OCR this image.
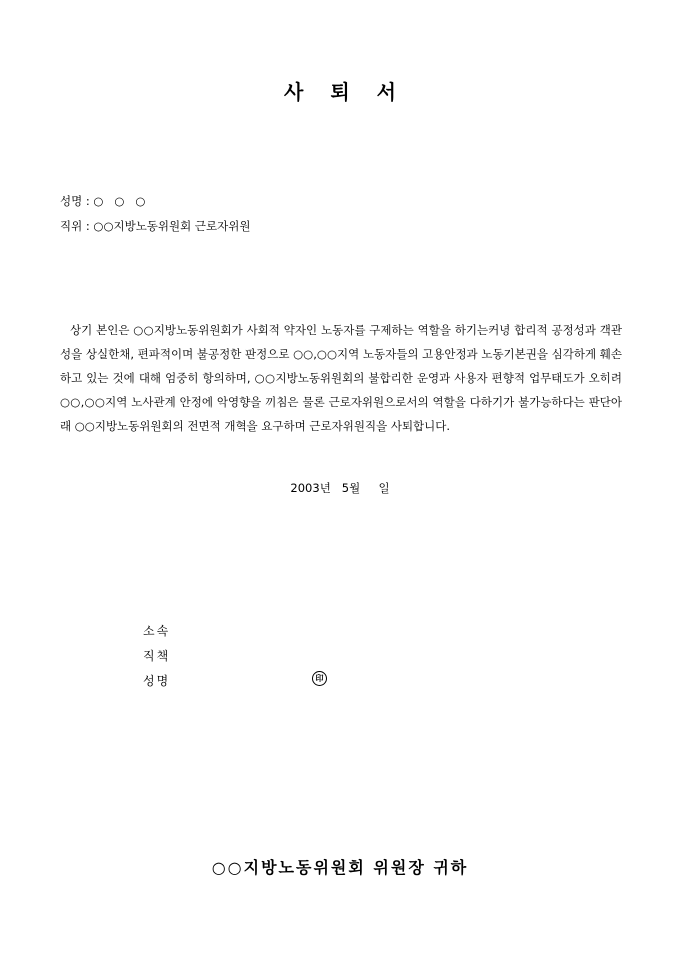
사 퇴 서
성명 : ○   ○   ○
직위 : ○○지방노동위원회 근로자위원
상기 본인은 ○○지방노동위원회가 사회적 약자인 노동자를 구제하는 역할을 하기는커녕 합리적 공정성과 객관성을 상실한채, 편파적이며 불공정한 판정으로 ○○,○○지역 노동자들의 고용안정과 노동기본권을 심각하게 훼손하고 있는 것에 대해 엄중히 항의하며, ○○지방노동위원회의 불합리한 운영과 사용자 편향적 업무태도가 오히려 ○○,○○지역 노사관계 안정에 악영향을 끼침은 물론 근로자위원으로서의 역할을 다하기가 불가능하다는 판단아래 ○○지방노동위원회의 전면적 개혁을 요구하며 근로자위원직을 사퇴합니다.
2003년   5월     일
소속
직책
성명	印
○○지방노동위원회 위원장 귀하
